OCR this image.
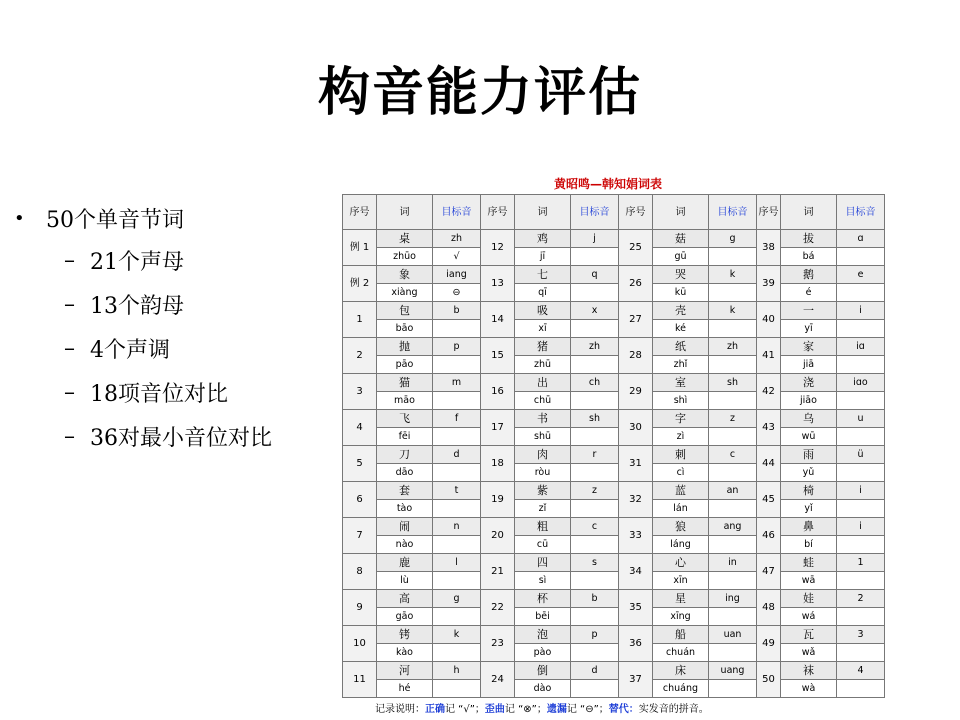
构音能力评估
• 50个单音节词
– 21个声母
– 13个韵母
– 4个声调
– 18项音位对比
– 36对最小音位对比
黄昭鸣—韩知娟词表
序号	词	目标音	序号	词	目标音	序号	词	目标音	序号	词	目标音
例 1	桌	zh	12	鸡	j	25	菇	g	38	拔	ɑ
	zhūo	√		jī			gū			bá	
例 2	象	iang	13	七	q	26	哭	k	39	鹅	e
	xiàng	⊖		qī			kū			é	
1	包	b	14	吸	x	27	壳	k	40	一	i
	bāo			xī			ké			yī	
2	抛	p	15	猪	zh	28	纸	zh	41	家	iɑ
	pāo			zhū			zhǐ			jiā	
3	猫	m	16	出	ch	29	室	sh	42	浇	iɑo
	māo			chū			shì			jiāo	
4	飞	f	17	书	sh	30	字	z	43	乌	u
	fēi			shū			zì			wū	
5	刀	d	18	肉	r	31	刺	c	44	雨	ü
	dāo			ròu			cì			yǔ	
6	套	t	19	紫	z	32	蓝	an	45	椅	i
	tào			zǐ			lán			yǐ	
7	闹	n	20	粗	c	33	狼	ang	46	鼻	i
	nào			cū			láng			bí	
8	鹿	l	21	四	s	34	心	in	47	蛙	1
	lù			sì			xīn			wā	
9	高	g	22	杯	b	35	星	ing	48	娃	2
	gāo			bēi			xīng			wá	
10	铐	k	23	泡	p	36	船	uan	49	瓦	3
	kào			pào			chuán			wǎ	
11	河	h	24	倒	d	37	床	uang	50	袜	4
	hé			dào			chuáng			wà	
记录说明：正确记 “√”；歪曲记 “⊗”；遗漏记 “⊖”；替代：实发音的拼音。
